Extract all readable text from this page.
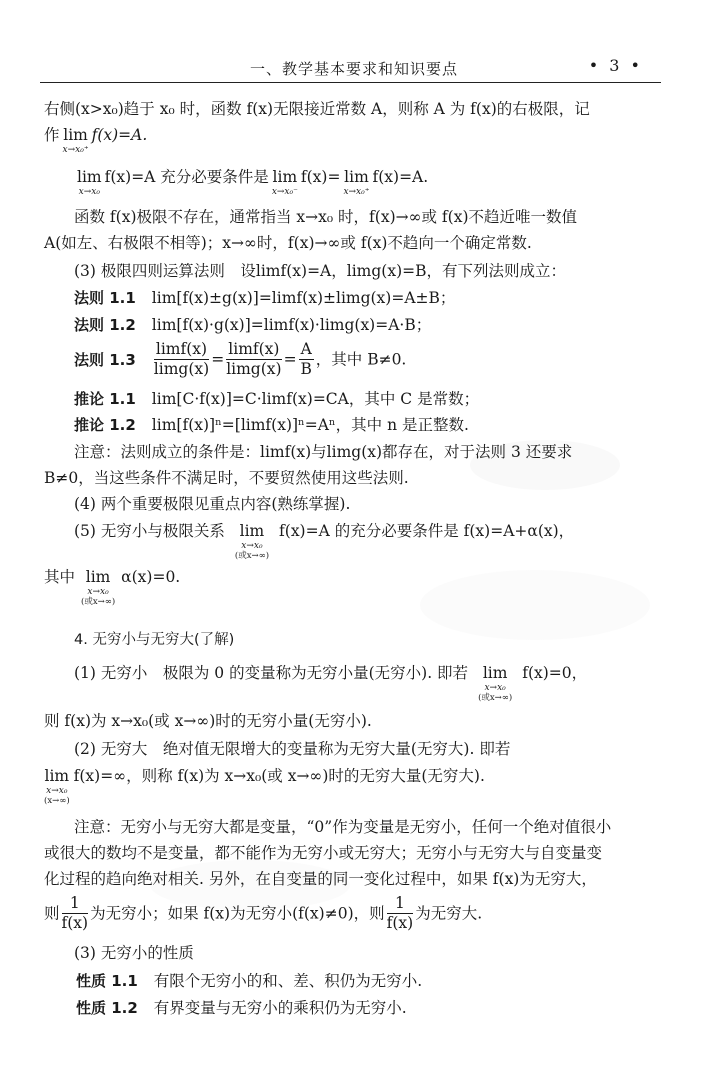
一、教学基本要求和知识要点	• 3 •
右侧(x>x₀)趋于 x₀ 时，函数 f(x)无限接近常数 A，则称 A 为 f(x)的右极限，记
作 lim
x→x₀⁺
f(x)=A.
lim
x→x₀
f(x)=A 充分必要条件是 lim
x→x₀⁻
f(x)= lim
x→x₀⁺
f(x)=A.
函数 f(x)极限不存在，通常指当 x→x₀ 时，f(x)→∞或 f(x)不趋近唯一数值
A(如左、右极限不相等)；x→∞时，f(x)→∞或 f(x)不趋向一个确定常数.
(3) 极限四则运算法则　设limf(x)=A，limg(x)=B，有下列法则成立：
法则 1.1 lim[f(x)±g(x)]=limf(x)±limg(x)=A±B；
法则 1.2 lim[f(x)·g(x)]=limf(x)·limg(x)=A·B；
法则 $1.3 \frac{\lim f(x)}{\lim g(x)} = \frac{\lim f(x)}{\lim g(x)} = \frac{A}{B}$ ，其中 B≠0.
推论 1.1 lim[C·f(x)]=C·limf(x)=CA，其中 C 是常数；
推论 1.2 lim[f(x)]ⁿ=[limf(x)]ⁿ=Aⁿ，其中 n 是正整数.
注意：法则成立的条件是：limf(x)与limg(x)都存在，对于法则 3 还要求
B≠0，当这些条件不满足时，不要贸然使用这些法则.
(4) 两个重要极限见重点内容(熟练掌握).
(5) 无穷小与极限关系 lim
x→x₀
(或x→∞)
f(x)=A 的充分必要条件是 f(x)=A+α(x)，
其中 lim
x→x₀
(或x→∞)
α(x)=0.
4. 无穷小与无穷大(了解)
(1) 无穷小　极限为 0 的变量称为无穷小量(无穷小). 即若 lim
x→x₀
(或x→∞)
f(x)=0，
则 f(x)为 x→x₀(或 x→∞)时的无穷小量(无穷小).
(2) 无穷大　绝对值无限增大的变量称为无穷大量(无穷大). 即若
lim
x→x₀
(x→∞)
f(x)=∞，则称 f(x)为 x→x₀(或 x→∞)时的无穷大量(无穷大).
注意：无穷小与无穷大都是变量，“0”作为变量是无穷小，任何一个绝对值很小
或很大的数均不是变量，都不能作为无穷小或无穷大；无穷小与无穷大与自变量变
化过程的趋向绝对相关. 另外，在自变量的同一变化过程中，如果 f(x)为无穷大，
则 $\frac{1}{f(x)}$ 为无穷小；如果 f(x)为无穷小(f(x)≠0)，则 $\frac{1}{f(x)}$ 为无穷大.
(3) 无穷小的性质
性质 1.1 有限个无穷小的和、差、积仍为无穷小.
性质 1.2 有界变量与无穷小的乘积仍为无穷小.
